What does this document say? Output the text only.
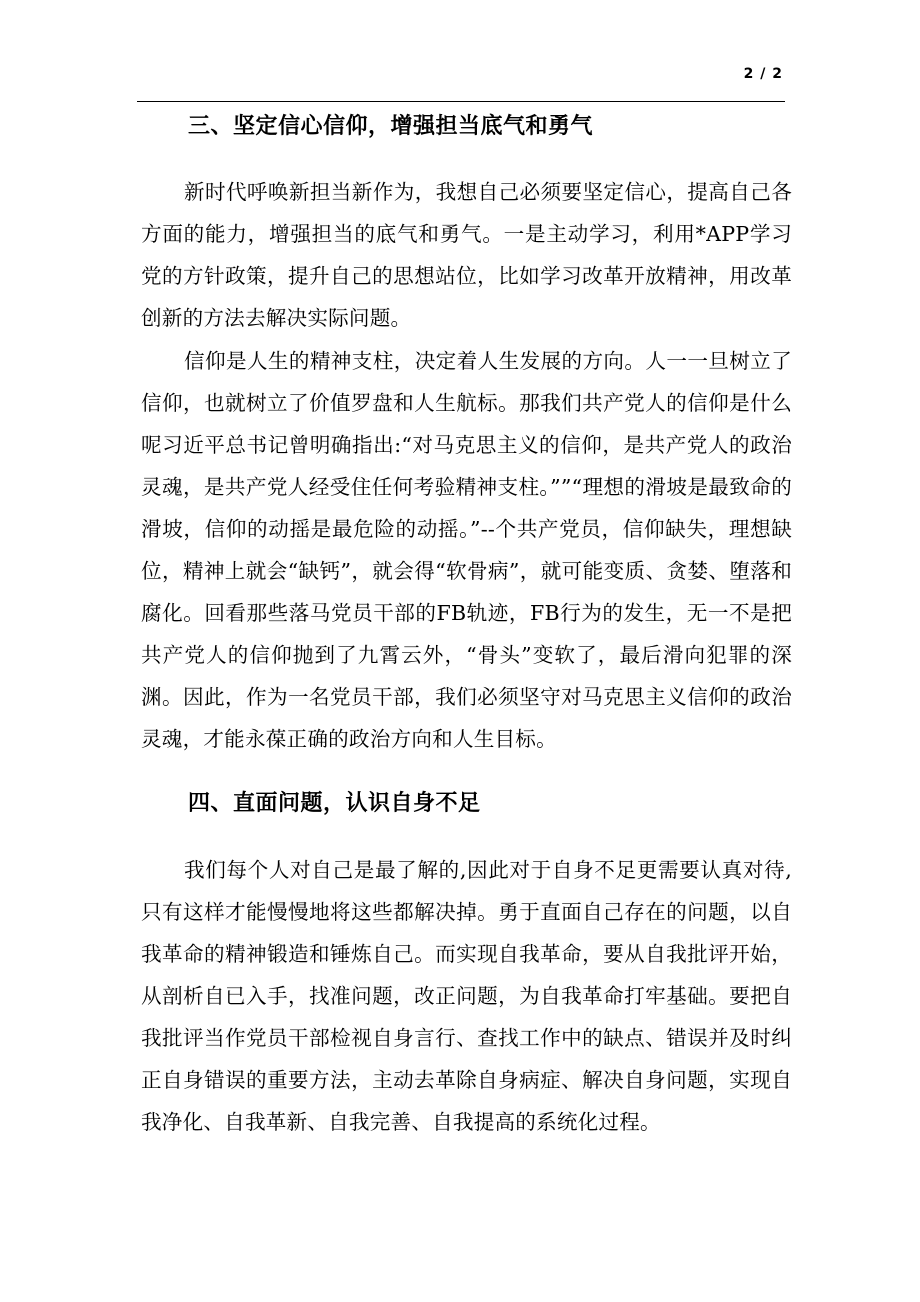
2 / 2
三、坚定信心信仰，增强担当底气和勇气

新时代呼唤新担当新作为，我想自己必须要坚定信心，提高自己各方面的能力，增强担当的底气和勇气。一是主动学习，利用*APP学习党的方针政策，提升自己的思想站位，比如学习改革开放精神，用改革创新的方法去解决实际问题。

信仰是人生的精神支柱，决定着人生发展的方向。人一一旦树立了信仰，也就树立了价值罗盘和人生航标。那我们共产党人的信仰是什么呢习近平总书记曾明确指出:“对马克思主义的信仰，是共产党人的政治灵魂，是共产党人经受住任何考验精神支柱。””“理想的滑坡是最致命的滑坡，信仰的动摇是最危险的动摇。”--个共产党员，信仰缺失，理想缺位，精神上就会“缺钙”，就会得“软骨病”，就可能变质、贪婪、堕落和腐化。回看那些落马党员干部的FB轨迹，FB行为的发生，无一不是把共产党人的信仰抛到了九霄云外，“骨头”变软了，最后滑向犯罪的深渊。因此，作为一名党员干部，我们必须坚守对马克思主义信仰的政治灵魂，才能永葆正确的政治方向和人生目标。

四、直面问题，认识自身不足

我们每个人对自己是最了解的,因此对于自身不足更需要认真对待,只有这样才能慢慢地将这些都解决掉。勇于直面自己存在的问题，以自我革命的精神锻造和锤炼自己。而实现自我革命，要从自我批评开始，从剖析自已入手，找准问题，改正问题，为自我革命打牢基础。要把自我批评当作党员干部检视自身言行、查找工作中的缺点、错误并及时纠正自身错误的重要方法，主动去革除自身病症、解决自身问题，实现自我净化、自我革新、自我完善、自我提高的系统化过程。
